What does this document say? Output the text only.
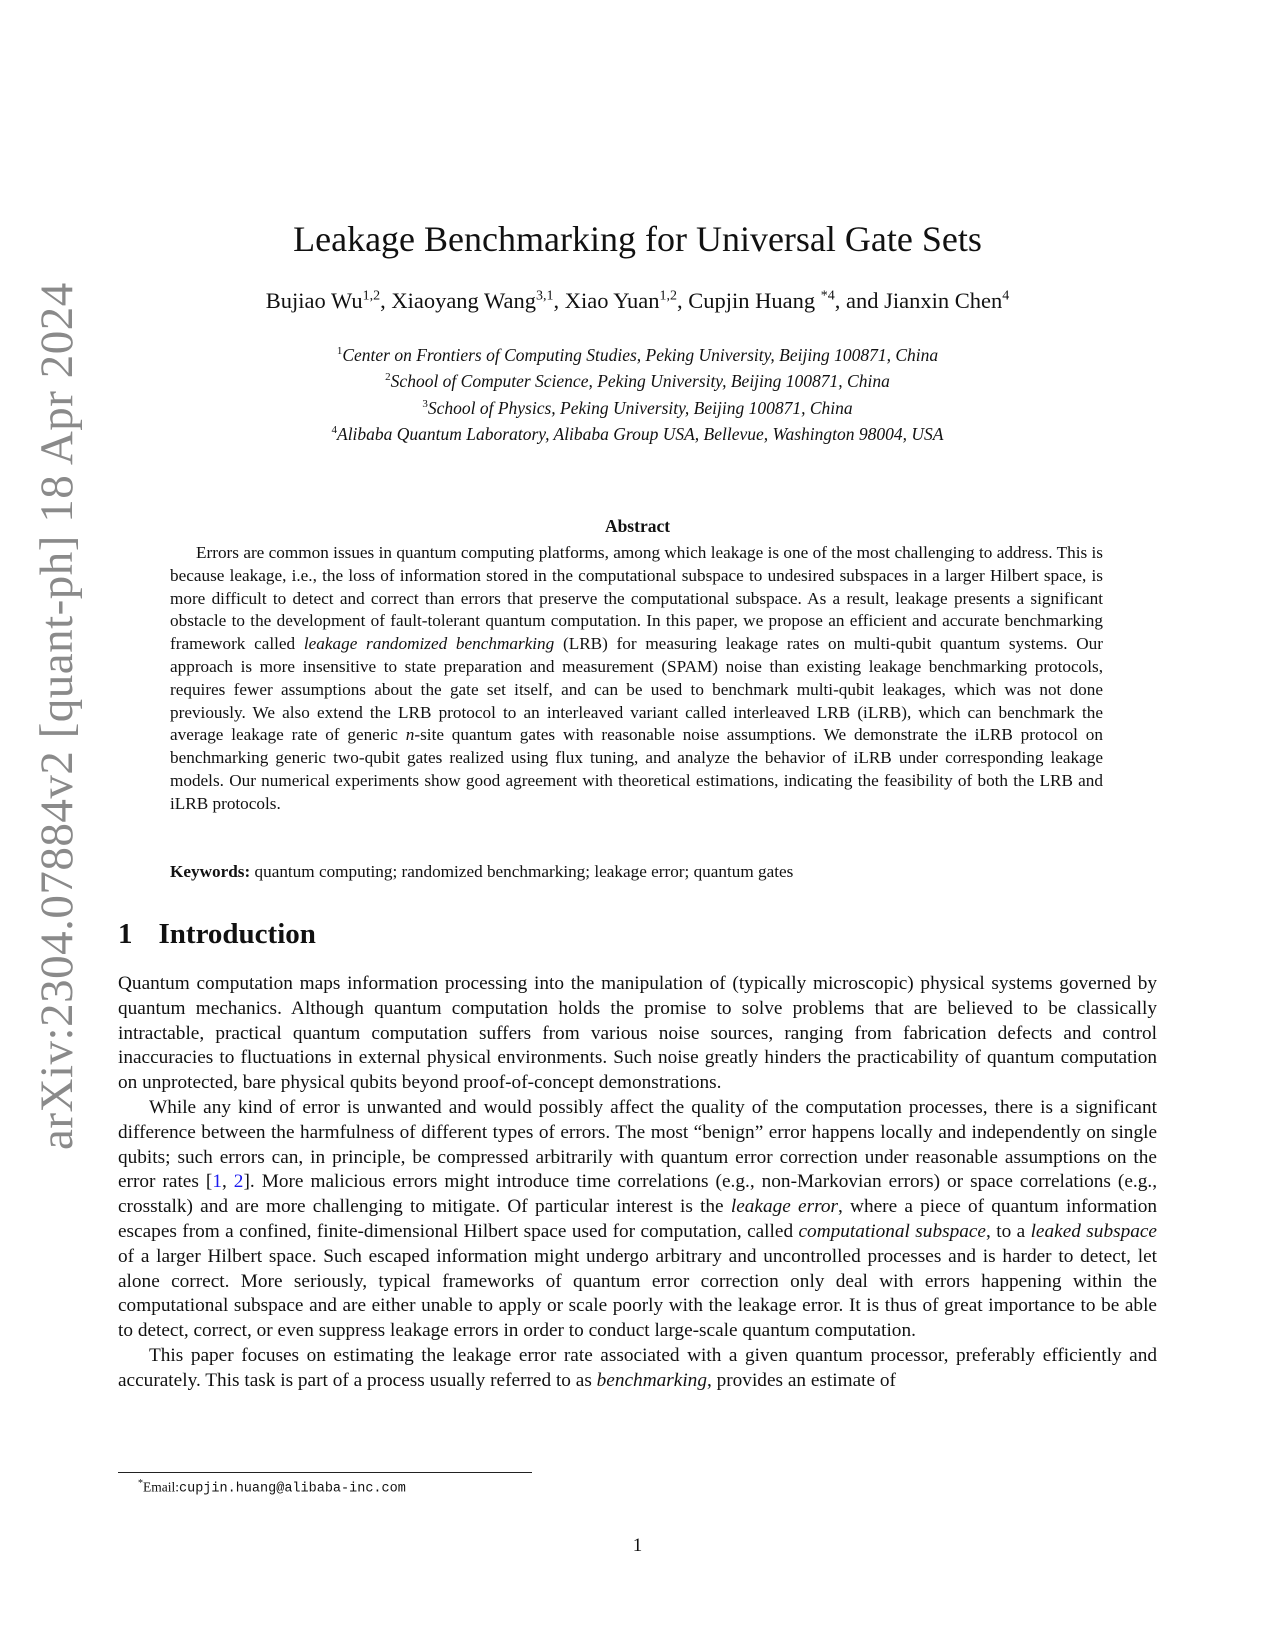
arXiv:2304.07884v2 [quant-ph] 18 Apr 2024
Leakage Benchmarking for Universal Gate Sets
Bujiao Wu$^{1,2}$, Xiaoyang Wang$^{3,1}$, Xiao Yuan$^{1,2}$, Cupjin Huang $^{*4}$, and Jianxin Chen$^4$
$^1$Center on Frontiers of Computing Studies, Peking University, Beijing 100871, China
$^2$School of Computer Science, Peking University, Beijing 100871, China
$^3$School of Physics, Peking University, Beijing 100871, China
$^4$Alibaba Quantum Laboratory, Alibaba Group USA, Bellevue, Washington 98004, USA
Abstract

Errors are common issues in quantum computing platforms, among which leakage is one of the most challenging to address. This is because leakage, i.e., the loss of information stored in the computational subspace to undesired subspaces in a larger Hilbert space, is more difficult to detect and correct than errors that preserve the computational subspace. As a result, leakage presents a significant obstacle to the development of fault-tolerant quantum computation. In this paper, we propose an efficient and accurate benchmarking framework called leakage randomized benchmarking (LRB) for measuring leakage rates on multi-qubit quantum systems. Our approach is more insensitive to state preparation and measurement (SPAM) noise than existing leakage benchmarking protocols, requires fewer assumptions about the gate set itself, and can be used to benchmark multi-qubit leakages, which was not done previously. We also extend the LRB protocol to an interleaved variant called interleaved LRB (iLRB), which can benchmark the average leakage rate of generic n-site quantum gates with reasonable noise assumptions. We demonstrate the iLRB protocol on benchmarking generic two-qubit gates realized using flux tuning, and analyze the behavior of iLRB under corresponding leakage models. Our numerical experiments show good agreement with theoretical estimations, indicating the feasibility of both the LRB and iLRB protocols.

Keywords: quantum computing; randomized benchmarking; leakage error; quantum gates

1 Introduction

Quantum computation maps information processing into the manipulation of (typically microscopic) physical systems governed by quantum mechanics. Although quantum computation holds the promise to solve problems that are believed to be classically intractable, practical quantum computation suffers from various noise sources, ranging from fabrication defects and control inaccuracies to fluctuations in external physical environments. Such noise greatly hinders the practicability of quantum computation on unprotected, bare physical qubits beyond proof-of-concept demonstrations.

While any kind of error is unwanted and would possibly affect the quality of the computation processes, there is a significant difference between the harmfulness of different types of errors. The most “benign” error happens locally and independently on single qubits; such errors can, in principle, be compressed arbitrarily with quantum error correction under reasonable assumptions on the error rates [1, 2]. More malicious errors might introduce time correlations (e.g., non-Markovian errors) or space correlations (e.g., crosstalk) and are more challenging to mitigate. Of particular interest is the leakage error, where a piece of quantum information escapes from a confined, finite-dimensional Hilbert space used for computation, called computational subspace, to a leaked subspace of a larger Hilbert space. Such escaped information might undergo arbitrary and uncontrolled processes and is harder to detect, let alone correct. More seriously, typical frameworks of quantum error correction only deal with errors happening within the computational subspace and are either unable to apply or scale poorly with the leakage error. It is thus of great importance to be able to detect, correct, or even suppress leakage errors in order to conduct large-scale quantum computation.

This paper focuses on estimating the leakage error rate associated with a given quantum processor, preferably efficiently and accurately. This task is part of a process usually referred to as benchmarking, provides an estimate of

*Email:cupjin.huang@alibaba-inc.com
1
